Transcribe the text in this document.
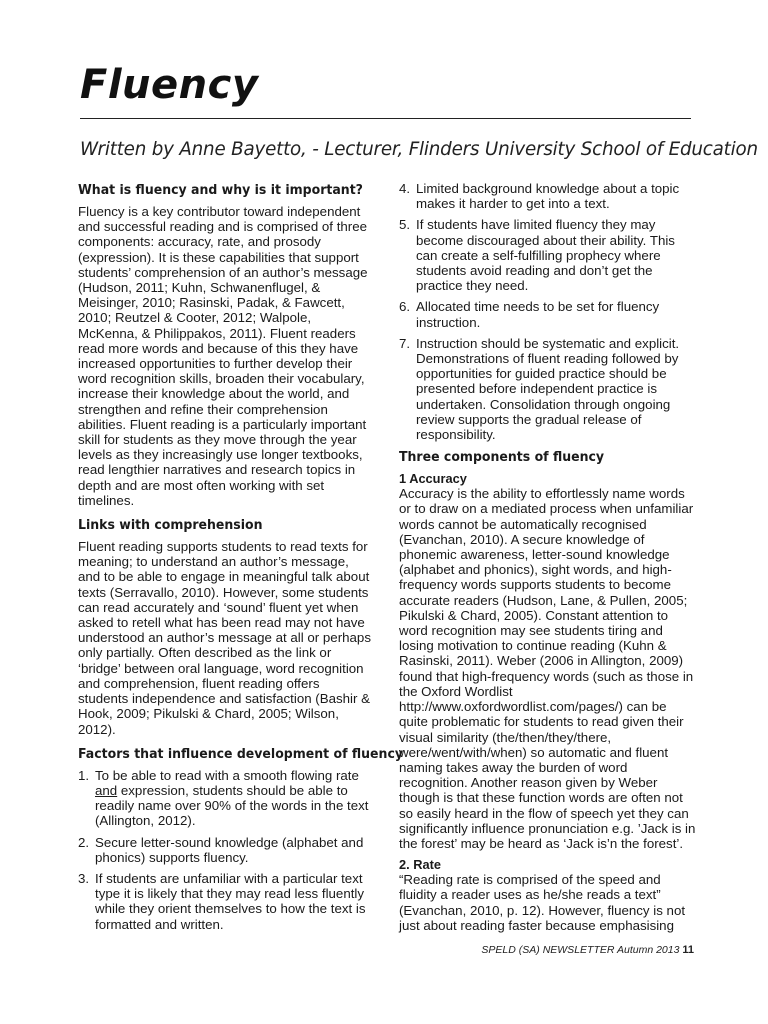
Fluency
Written by Anne Bayetto, - Lecturer, Flinders University School of Education
What is fluency and why is it important?

Fluency is a key contributor toward independent and successful reading and is comprised of three components: accuracy, rate, and prosody (expression). It is these capabilities that support students’ comprehension of an author’s message (Hudson, 2011; Kuhn, Schwanenflugel, & Meisinger, 2010; Rasinski, Padak, & Fawcett, 2010; Reutzel & Cooter, 2012; Walpole, McKenna, & Philippakos, 2011). Fluent readers read more words and because of this they have increased opportunities to further develop their word recognition skills, broaden their vocabulary, increase their knowledge about the world, and strengthen and refine their comprehension abilities. Fluent reading is a particularly important skill for students as they move through the year levels as they increasingly use longer textbooks, read lengthier narratives and research topics in depth and are most often working with set timelines.

Links with comprehension

Fluent reading supports students to read texts for meaning; to understand an author’s message, and to be able to engage in meaningful talk about texts (Serravallo, 2010). However, some students can read accurately and ‘sound’ fluent yet when asked to retell what has been read may not have understood an author’s message at all or perhaps only partially. Often described as the link or ‘bridge’ between oral language, word recognition and comprehension, fluent reading offers students independence and satisfaction (Bashir & Hook, 2009; Pikulski & Chard, 2005; Wilson, 2012).

Factors that influence development of fluency
1. To be able to read with a smooth flowing rate and expression, students should be able to readily name over 90% of the words in the text (Allington, 2012).
2. Secure letter-sound knowledge (alphabet and phonics) supports fluency.
3. If students are unfamiliar with a particular text type it is likely that they may read less fluently while they orient themselves to how the text is formatted and written.
4. Limited background knowledge about a topic makes it harder to get into a text.
5. If students have limited fluency they may become discouraged about their ability. This can create a self-fulfilling prophecy where students avoid reading and don’t get the practice they need.
6. Allocated time needs to be set for fluency instruction.
7. Instruction should be systematic and explicit. Demonstrations of fluent reading followed by opportunities for guided practice should be presented before independent practice is undertaken. Consolidation through ongoing review supports the gradual release of responsibility.
Three components of fluency
1 Accuracy

Accuracy is the ability to effortlessly name words or to draw on a mediated process when unfamiliar words cannot be automatically recognised (Evanchan, 2010). A secure knowledge of phonemic awareness, letter-sound knowledge (alphabet and phonics), sight words, and high-frequency words supports students to become accurate readers (Hudson, Lane, & Pullen, 2005; Pikulski & Chard, 2005). Constant attention to word recognition may see students tiring and losing motivation to continue reading (Kuhn & Rasinski, 2011). Weber (2006 in Allington, 2009) found that high-frequency words (such as those in the Oxford Wordlist http://www.oxfordwordlist.com/pages/) can be quite problematic for students to read given their visual similarity (the/then/they/there, were/went/with/when) so automatic and fluent naming takes away the burden of word recognition. Another reason given by Weber though is that these function words are often not so easily heard in the flow of speech yet they can significantly influence pronunciation e.g. ’Jack is in the forest’ may be heard as ‘Jack is’n the forest’.

2. Rate

“Reading rate is comprised of the speed and fluidity a reader uses as he/she reads a text” (Evanchan, 2010, p. 12). However, fluency is not just about reading faster because emphasising

SPELD (SA) NEWSLETTER Autumn 2013 11
